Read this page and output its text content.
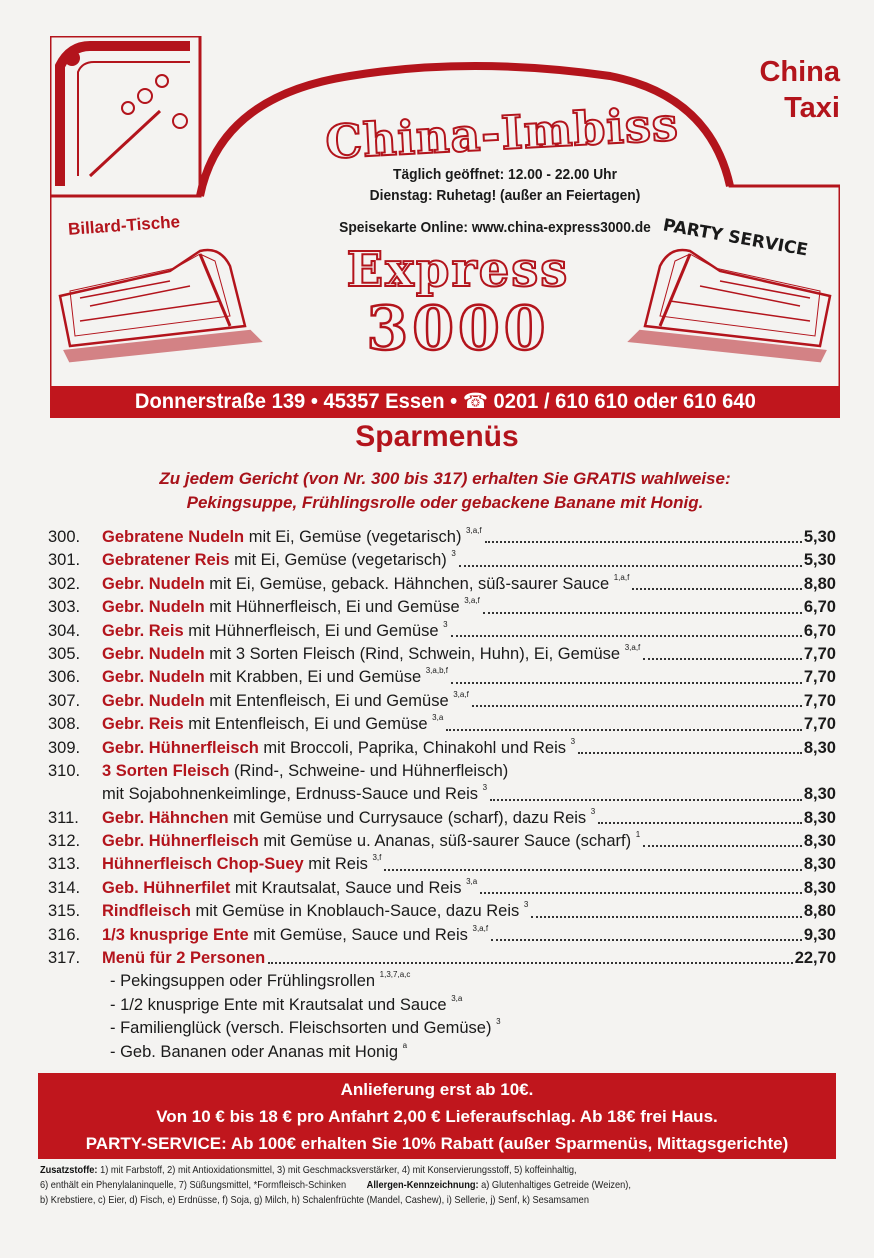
China-Imbiss
Täglich geöffnet: 12.00 - 22.00 Uhr
Dienstag: Ruhetag! (außer an Feiertagen)
Speisekarte Online: www.china-express3000.de
Billard-Tische	PARTY SERVICE
China
Taxi
Express
3000
Donnerstraße 139 • 45357 Essen • ☎ 0201 / 610 610 oder 610 640
Sparmenüs
Zu jedem Gericht (von Nr. 300 bis 317) erhalten Sie GRATIS wahlweise:
Pekingsuppe, Frühlingsrolle oder gebackene Banane mit Honig.
300.	Gebratene Nudeln mit Ei, Gemüse (vegetarisch) $^{3,a,f}$	5,30
301.	Gebratener Reis mit Ei, Gemüse (vegetarisch) $^3$	5,30
302.	Gebr. Nudeln mit Ei, Gemüse, geback. Hähnchen, süß-saurer Sauce $^{1,a,f}$	8,80
303.	Gebr. Nudeln mit Hühnerfleisch, Ei und Gemüse $^{3,a,f}$	6,70
304.	Gebr. Reis mit Hühnerfleisch, Ei und Gemüse $^3$	6,70
305.	Gebr. Nudeln mit 3 Sorten Fleisch (Rind, Schwein, Huhn), Ei, Gemüse $^{3,a,f}$	7,70
306.	Gebr. Nudeln mit Krabben, Ei und Gemüse $^{3,a,b,f}$	7,70
307.	Gebr. Nudeln mit Entenfleisch, Ei und Gemüse $^{3,a,f}$	7,70
308.	Gebr. Reis mit Entenfleisch, Ei und Gemüse $^{3,a}$	7,70
309.	Gebr. Hühnerfleisch mit Broccoli, Paprika, Chinakohl und Reis $^3$	8,30
310.	3 Sorten Fleisch (Rind-, Schweine- und Hühnerfleisch)
mit Sojabohnenkeimlinge, Erdnuss-Sauce und Reis $^3$	8,30
311.	Gebr. Hähnchen mit Gemüse und Currysauce (scharf), dazu Reis $^3$	8,30
312.	Gebr. Hühnerfleisch mit Gemüse u. Ananas, süß-saurer Sauce (scharf) $^1$	8,30
313.	Hühnerfleisch Chop-Suey mit Reis $^{3,f}$	8,30
314.	Geb. Hühnerfilet mit Krautsalat, Sauce und Reis $^{3,a}$	8,30
315.	Rindfleisch mit Gemüse in Knoblauch-Sauce, dazu Reis $^3$	8,80
316.	1/3 knusprige Ente mit Gemüse, Sauce und Reis $^{3,a,f}$	9,30
317.	Menü für 2 Personen	22,70
- Pekingsuppen oder Frühlingsrollen $^{1,3,7,a,c}$
- 1/2 knusprige Ente mit Krautsalat und Sauce $^{3,a}$
- Familienglück (versch. Fleischsorten und Gemüse) $^3$
- Geb. Bananen oder Ananas mit Honig $^a$
Anlieferung erst ab 10€.
Von 10 € bis 18 € pro Anfahrt 2,00 € Lieferaufschlag. Ab 18€ frei Haus.
PARTY-SERVICE: Ab 100€ erhalten Sie 10% Rabatt (außer Sparmenüs, Mittagsgerichte)
Zusatzstoffe: 1) mit Farbstoff, 2) mit Antioxidationsmittel, 3) mit Geschmacksverstärker, 4) mit Konservierungsstoff, 5) koffeinhaltig,
6) enthält ein Phenylalaninquelle, 7) Süßungsmittel, *Formfleisch-Schinken Allergen-Kennzeichnung: a) Glutenhaltiges Getreide (Weizen),
b) Krebstiere, c) Eier, d) Fisch, e) Erdnüsse, f) Soja, g) Milch, h) Schalenfrüchte (Mandel, Cashew), i) Sellerie, j) Senf, k) Sesamsamen
